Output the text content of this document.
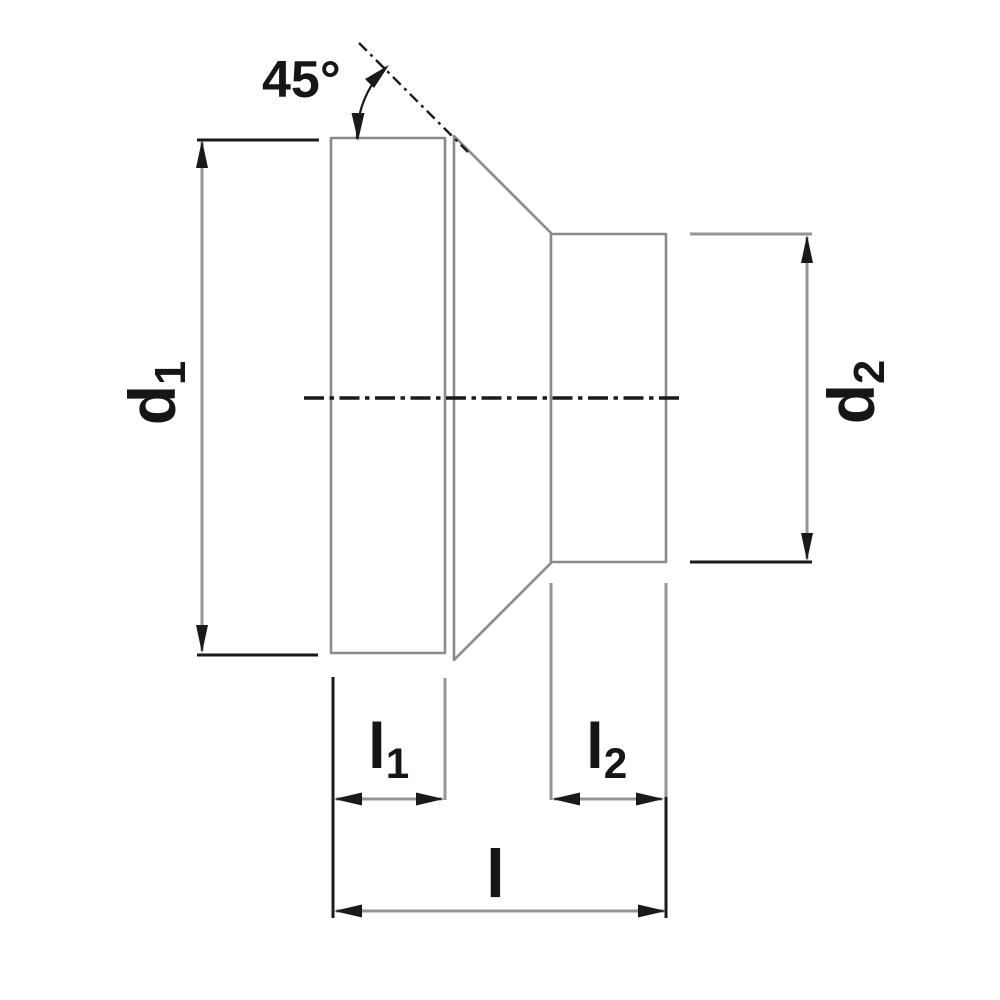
45°
d1
d2
l1	l2
l
